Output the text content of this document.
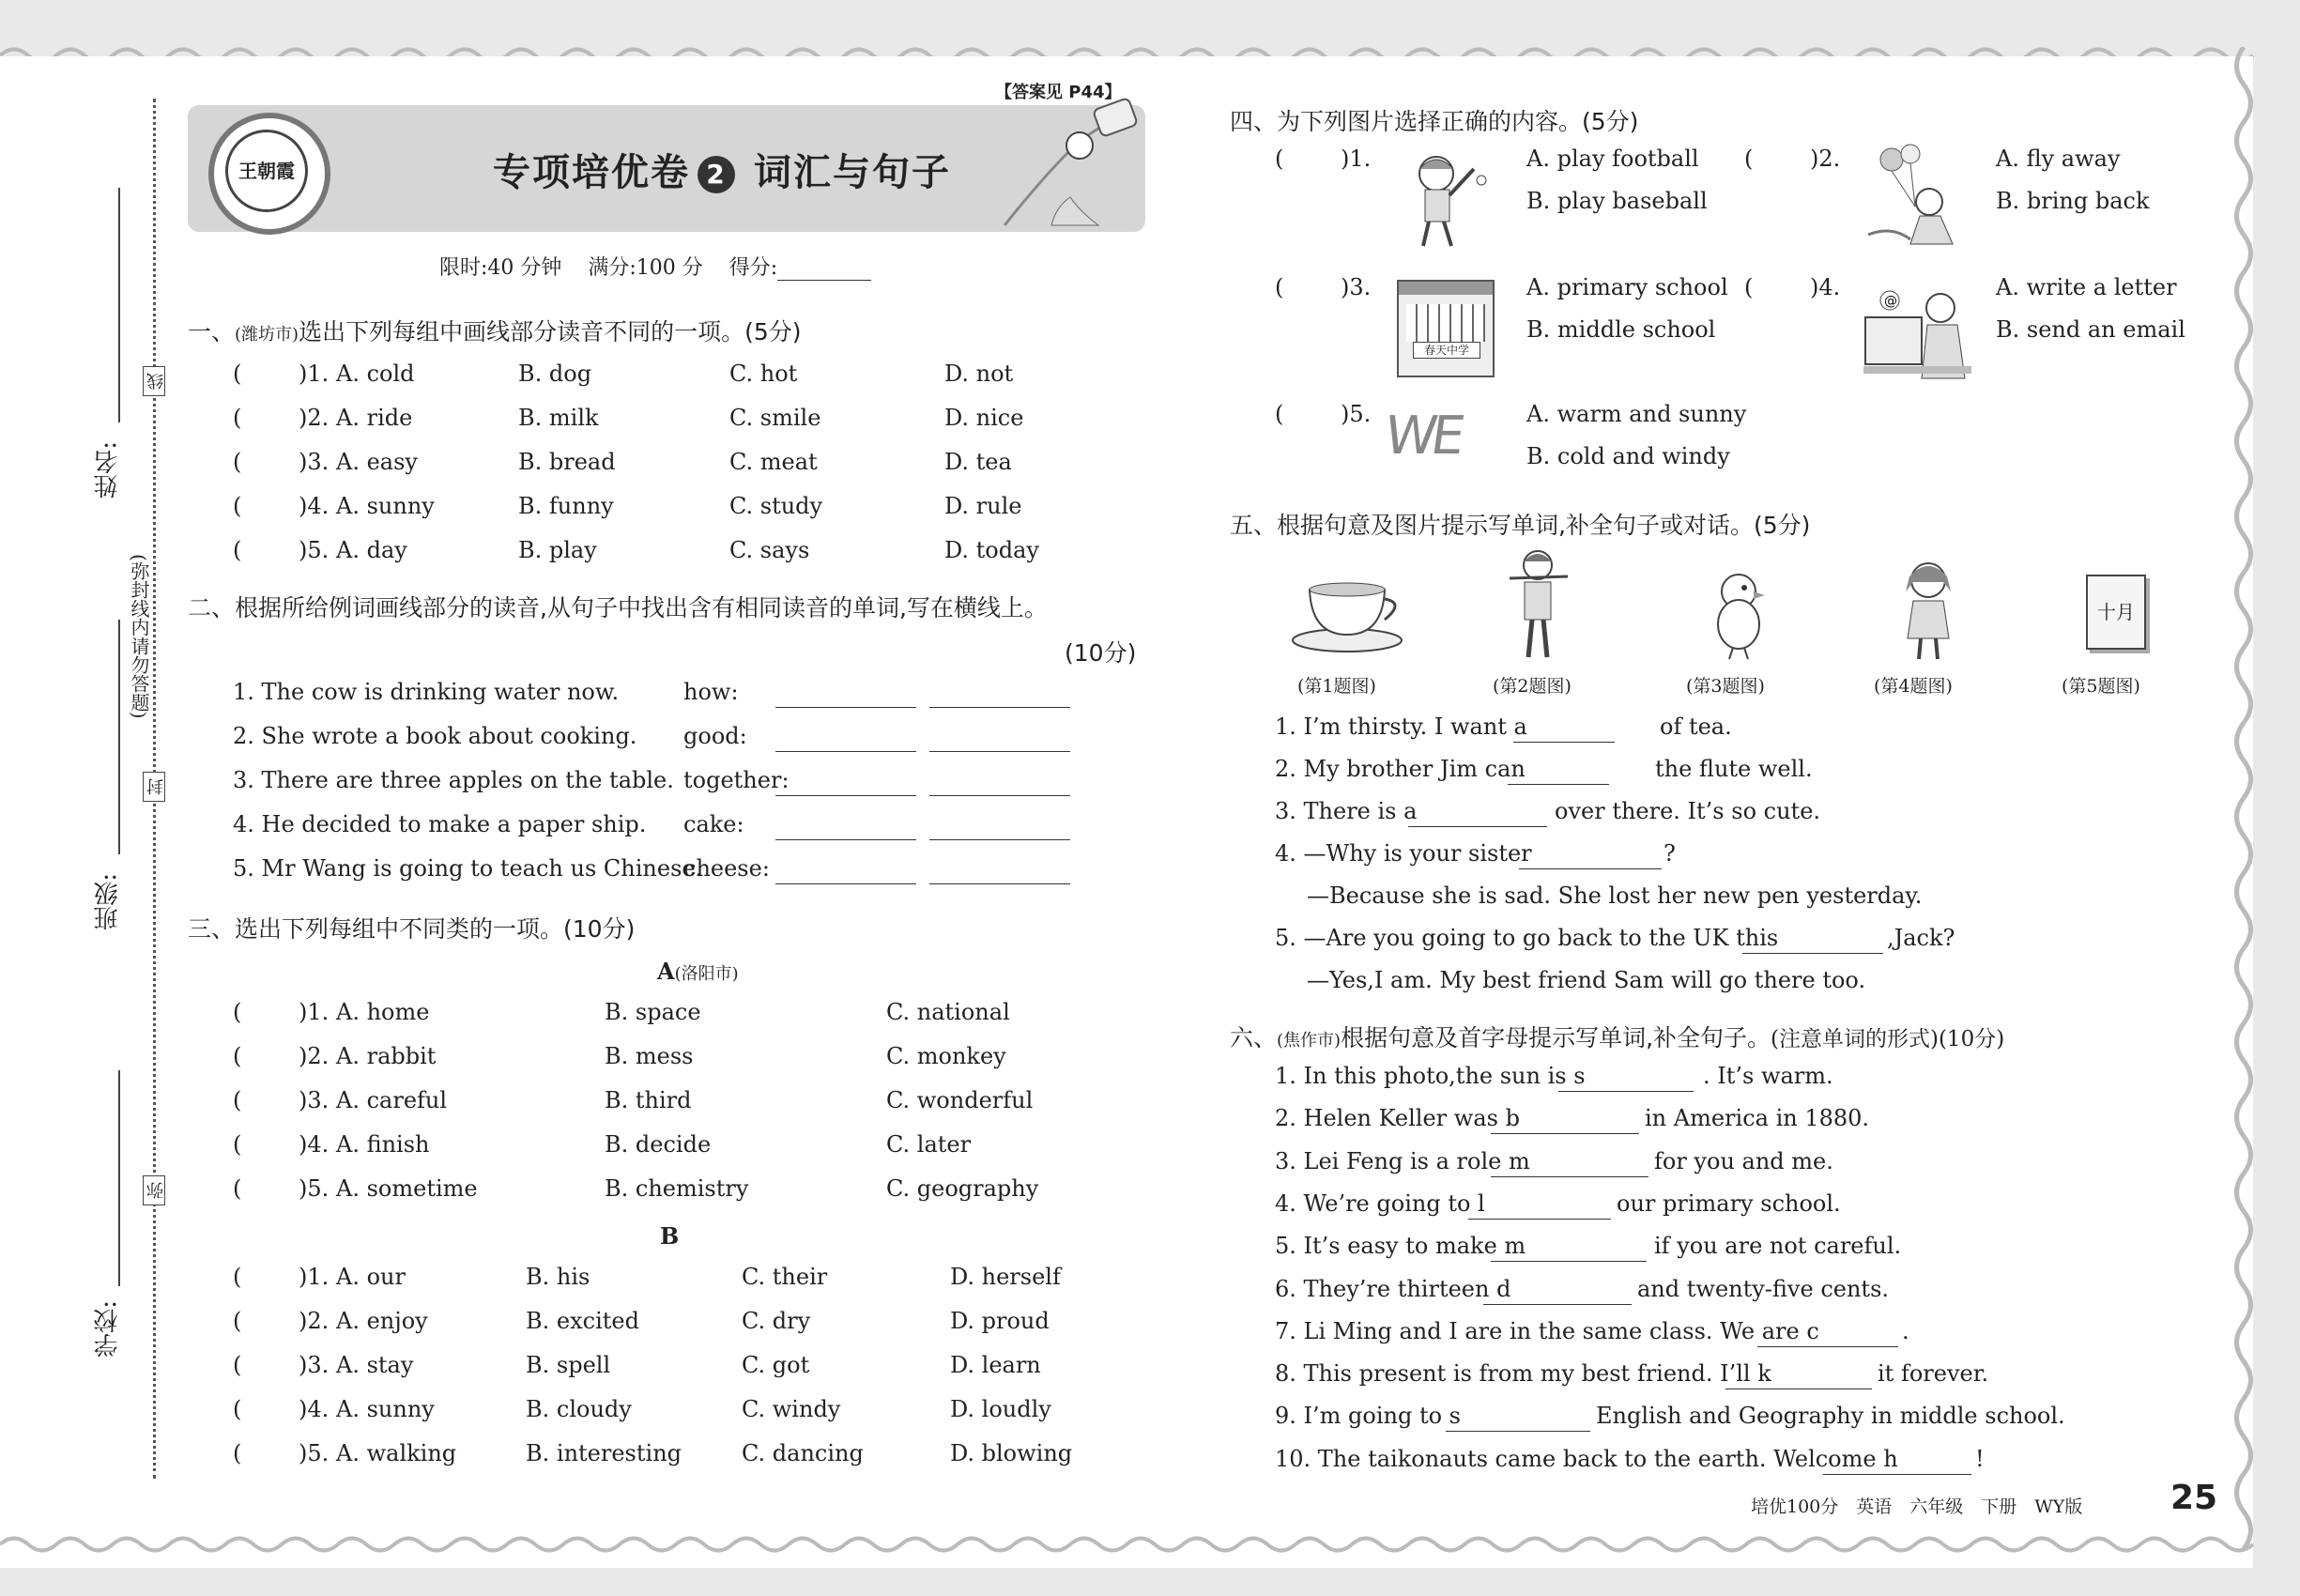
姓名:
班级:
学校:
线
封
弥
(弥封线内请勿答题)
王朝霞	专项培优卷 2 词汇与句子
【答案见 P44】
限时:40 分钟 满分:100 分 得分:
一、(潍坊市)选出下列每组中画线部分读音不同的一项。(5分)
(	)1. A. cold	B. dog	C. hot	D. not
(	)2. A. ride	B. milk	C. smile	D. nice
(	)3. A. easy	B. bread	C. meat	D. tea
(	)4. A. sunny	B. funny	C. study	D. rule
(	)5. A. day	B. play	C. says	D. today
二、根据所给例词画线部分的读音,从句子中找出含有相同读音的单词,写在横线上。
(10分)
1. The cow is drinking water now.	how:
2. She wrote a book about cooking. good:
3. There are three apples on the table. together:
4. He decided to make a paper ship. cake:
5. Mr Wang is going to teach us Chinese.
cheese:
三、选出下列每组中不同类的一项。(10分)
A(洛阳市)
(	)1. A. home	B. space	C. national
(	)2. A. rabbit	B. mess	C. monkey
(	)3. A. careful	B. third	C. wonderful
(	)4. A. finish	B. decide	C. later
(	)5. A. sometime	B. chemistry	C. geography
B
(	)1. A. our	B. his	C. their	D. herself
(	)2. A. enjoy	B. excited	C. dry	D. proud
(	)3. A. stay	B. spell	C. got	D. learn
(	)4. A. sunny	B. cloudy	C. windy	D. loudly
(	)5. A. walking	B. interesting	C. dancing	D. blowing
四、为下列图片选择正确的内容。(5分)
(	)1.	A. play football
B. play baseball
(	)2.	A. fly away
B. bring back
(	)3.	A. primary school
B. middle school
(	)4.	A. write a letter
B. send an email
(	)5.	A. warm and sunny
B. cold and windy
春天中学
@
WE
五、根据句意及图片提示写单词,补全句子或对话。(5分)
十月
(第1题图)	(第2题图)	(第3题图)	(第4题图)	(第5题图)
1. I’m thirsty. I want a	of tea.
2. My brother Jim can	the flute well.
3. There is a	over there. It’s so cute.
4. —Why is your sister	?
—Because she is sad. She lost her new pen yesterday.
5. —Are you going to go back to the UK this	,Jack?
—Yes,I am. My best friend Sam will go there too.
六、(焦作市)根据句意及首字母提示写单词,补全句子。(注意单词的形式)(10分)
1. In this photo,the sun is s	. It’s warm.
2. Helen Keller was b	in America in 1880.
3. Lei Feng is a role m	for you and me.
4. We’re going to l	our primary school.
5. It’s easy to make m	if you are not careful.
6. They’re thirteen d	and twenty-five cents.
7. Li Ming and I are in the same class. We are c	.
8. This present is from my best friend. I’ll k	it forever.
9. I’m going to s	English and Geography in middle school.
10. The taikonauts came back to the earth. Welcome h	!
培优100分　英语　六年级　下册　WY版	25
